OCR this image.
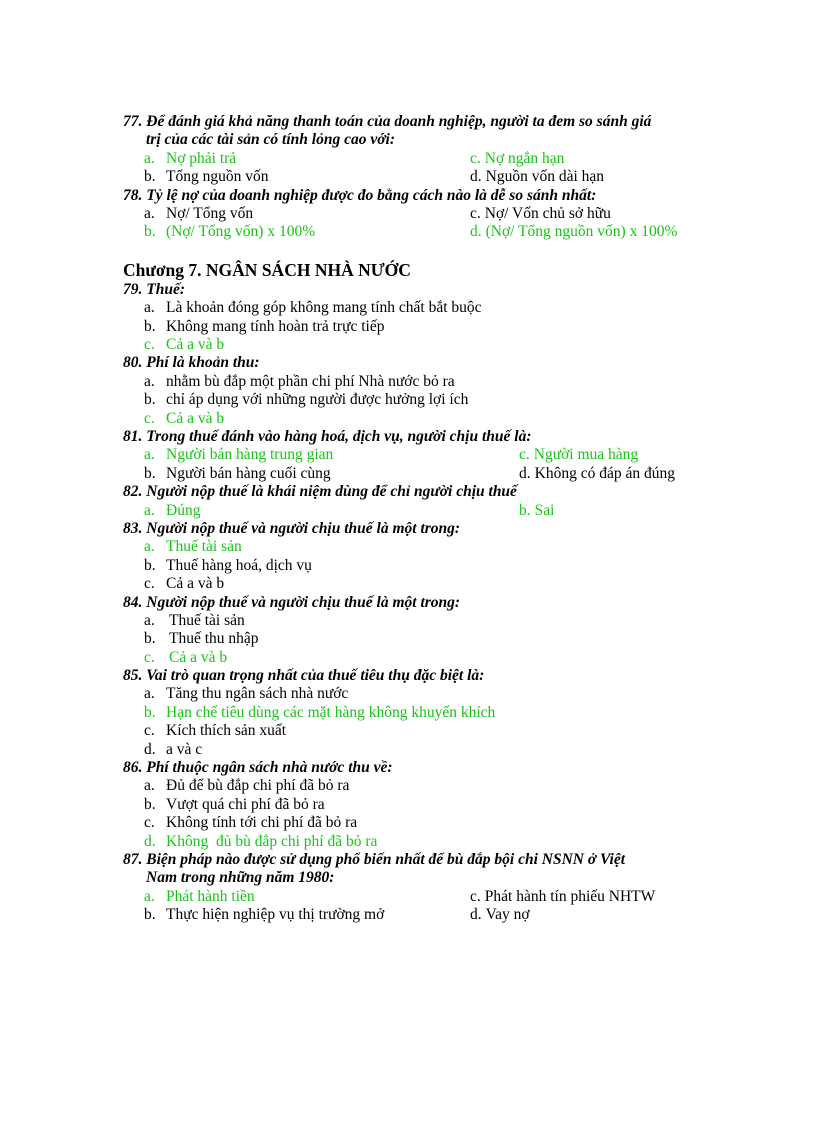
77. Để đánh giá khả năng thanh toán của doanh nghiệp, người ta đem so sánh giá
trị của các tài sản có tính lỏng cao với:
a. Nợ phải trả	c. Nợ ngắn hạn
b. Tổng nguồn vốn	d. Nguồn vốn dài hạn
78. Tỷ lệ nợ của doanh nghiệp được đo bằng cách nào là dễ so sánh nhất:
a. Nợ/ Tổng vốn	c. Nợ/ Vốn chủ sở hữu
b. (Nợ/ Tổng vốn) x 100%	d. (Nợ/ Tổng nguồn vốn) x 100%
Chương 7. NGÂN SÁCH NHÀ NƯỚC
79. Thuế:
a. Là khoản đóng góp không mang tính chất bắt buộc
b. Không mang tính hoàn trả trực tiếp
c. Cả a và b
80. Phí là khoản thu:
a. nhằm bù đắp một phần chi phí Nhà nước bỏ ra
b. chỉ áp dụng với những người được hưởng lợi ích
c. Cả a và b
81. Trong thuế đánh vào hàng hoá, dịch vụ, người chịu thuế là:
a. Người bán hàng trung gian	c. Người mua hàng
b. Người bán hàng cuối cùng	d. Không có đáp án đúng
82. Người nộp thuế là khái niệm dùng để chỉ người chịu thuế
a. Đúng	b. Sai
83. Người nộp thuế và người chịu thuế là một trong:
a. Thuế tài sản
b. Thuế hàng hoá, dịch vụ
c. Cả a và b
84. Người nộp thuế và người chịu thuế là một trong:
a. Thuế tài sản
b. Thuế thu nhập
c. Cả a và b
85. Vai trò quan trọng nhất của thuế tiêu thụ đặc biệt là:
a. Tăng thu ngân sách nhà nước
b. Hạn chế tiêu dùng các mặt hàng không khuyến khích
c. Kích thích sản xuất
d. a và c
86. Phí thuộc ngân sách nhà nước thu về:
a. Đủ để bù đắp chi phí đã bỏ ra
b. Vượt quá chi phí đã bỏ ra
c. Không tính tới chi phí đã bỏ ra
d. Không  đủ bù đắp chi phí đã bỏ ra
87. Biện pháp nào được sử dụng phổ biến nhất để bù đắp bội chi NSNN ở Việt
Nam trong những năm 1980:
a. Phát hành tiền	c. Phát hành tín phiếu NHTW
b. Thực hiện nghiệp vụ thị trường mở	d. Vay nợ
